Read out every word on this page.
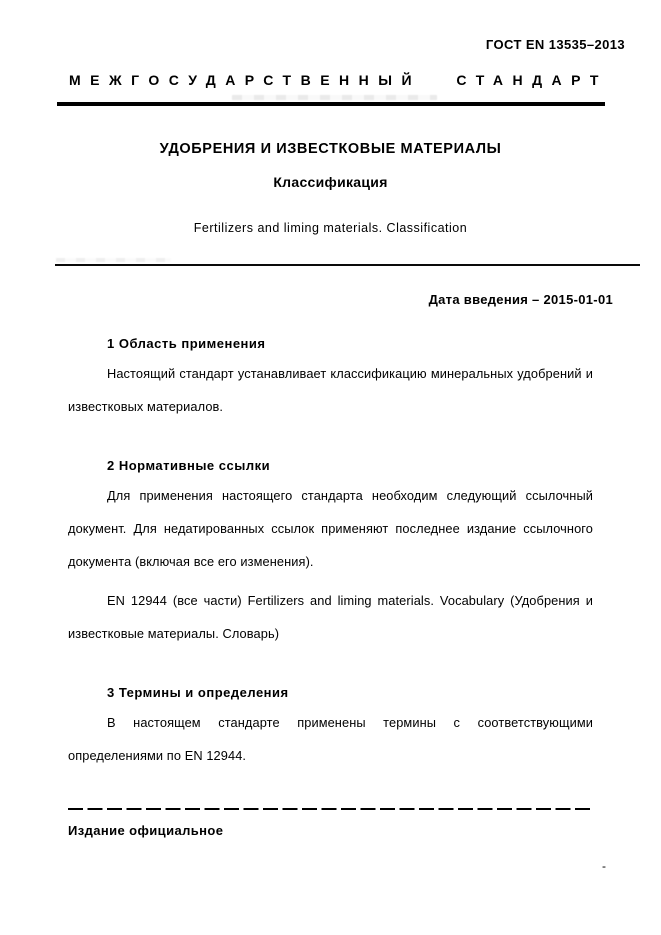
ГОСТ EN 13535–2013
МЕЖГОСУДАРСТВЕННЫЙ СТАНДАРТ
УДОБРЕНИЯ И ИЗВЕСТКОВЫЕ МАТЕРИАЛЫ
Классификация
Fertilizers and liming materials. Classification
Дата введения – 2015-01-01
1 Область применения

Настоящий стандарт устанавливает классификацию минеральных удобрений и
известковых материалов.

2 Нормативные ссылки

Для применения настоящего стандарта необходим следующий ссылочный
документ. Для недатированных ссылок применяют последнее издание ссылочного
документа (включая все его изменения).

EN 12944 (все части) Fertilizers and liming materials. Vocabulary (Удобрения и
известковые материалы. Словарь)

3 Термины и определения

В настоящем стандарте применены термины с соответствующими
определениями по EN 12944.

Издание официальное
-
